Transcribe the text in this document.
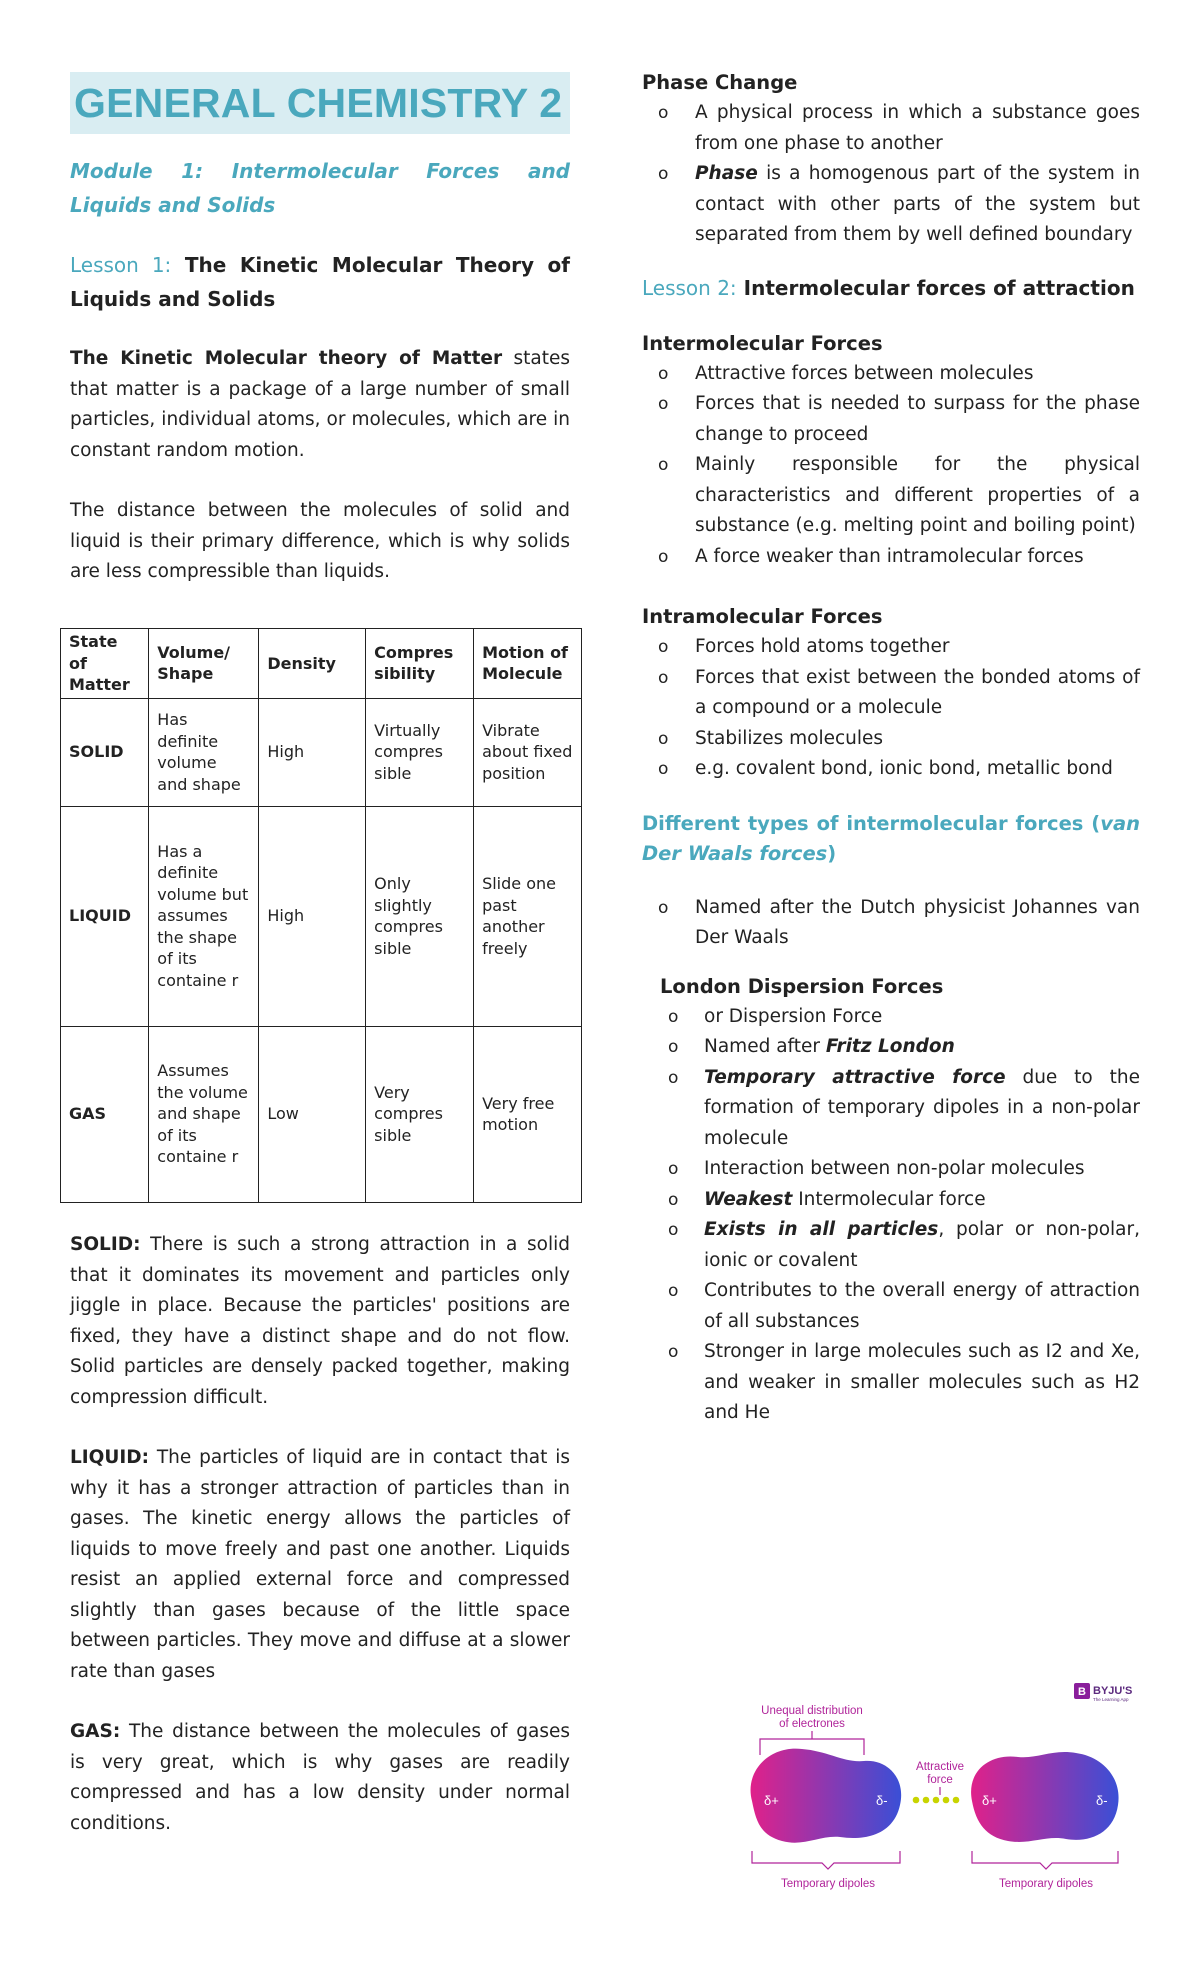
GENERAL CHEMISTRY 2
Module 1: Intermolecular Forces and Liquids and Solids
Lesson 1: The Kinetic Molecular Theory of Liquids and Solids

The Kinetic Molecular theory of Matter states that matter is a package of a large number of small particles, individual atoms, or molecules, which are in constant random motion.

The distance between the molecules of solid and liquid is their primary difference, which is why solids are less compressible than liquids.

State of Matter	Volume/ Shape	Density	Compres sibility	Motion of Molecule
SOLID	Has definite volume and shape	High	Virtually compres sible	Vibrate about fixed position
LIQUID	Has a definite volume but assumes the shape of its containe r	High	Only slightly compres sible	Slide one past another freely
GAS	Assumes the volume and shape of its containe r	Low	Very compres sible	Very free motion

SOLID: There is such a strong attraction in a solid that it dominates its movement and particles only jiggle in place. Because the particles' positions are fixed, they have a distinct shape and do not flow. Solid particles are densely packed together, making compression difficult.

LIQUID: The particles of liquid are in contact that is why it has a stronger attraction of particles than in gases. The kinetic energy allows the particles of liquids to move freely and past one another. Liquids resist an applied external force and compressed slightly than gases because of the little space between particles. They move and diffuse at a slower rate than gases

GAS: The distance between the molecules of gases is very great, which is why gases are readily compressed and has a low density under normal conditions.

Phase Change
o A physical process in which a substance goes from one phase to another
o Phase is a homogenous part of the system in contact with other parts of the system but separated from them by well defined boundary
Lesson 2: Intermolecular forces of attraction
Intermolecular Forces
o Attractive forces between molecules
o Forces that is needed to surpass for the phase change to proceed
o Mainly responsible for the physical characteristics and different properties of a substance (e.g. melting point and boiling point)
o A force weaker than intramolecular forces
Intramolecular Forces
o Forces hold atoms together
o Forces that exist between the bonded atoms of a compound or a molecule
o Stabilizes molecules
o e.g. covalent bond, ionic bond, metallic bond
Different types of intermolecular forces (van Der Waals forces)
o Named after the Dutch physicist Johannes van Der Waals
London Dispersion Forces
o or Dispersion Force
o Named after Fritz London
o Temporary attractive force due to the formation of temporary dipoles in a non-polar molecule
o Interaction between non-polar molecules
o Weakest Intermolecular force
o Exists in all particles, polar or non-polar, ionic or covalent
o Contributes to the overall energy of attraction of all substances
o Stronger in large molecules such as I2 and Xe, and weaker in smaller molecules such as H2 and He
B BYJU'S
The Learning App
Unequal distribution
of electrones
δ+	δ-
Attractive
force
δ+	δ-
Temporary dipoles	Temporary dipoles
